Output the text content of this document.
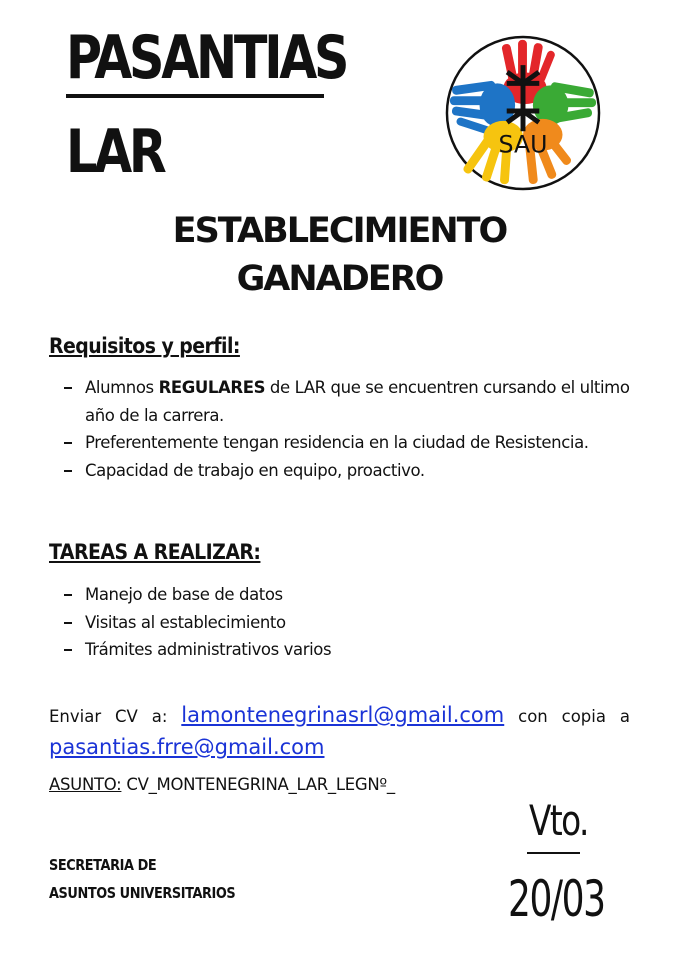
PASANTIAS
LAR	SAU
ESTABLECIMIENTO
GANADERO
Requisitos y perfil:
Alumnos REGULARES de LAR que se encuentren cursando el ultimo año de la carrera.
Preferentemente tengan residencia en la ciudad de Resistencia.
Capacidad de trabajo en equipo, proactivo.
TAREAS A REALIZAR:
Manejo de base de datos
Visitas al establecimiento
Trámites administrativos varios
Enviar CV a: lamontenegrinasrl@gmail.com con copia a
pasantias.frre@gmail.com
ASUNTO: CV_MONTENEGRINA_LAR_LEGNº_
Vto.
20/03
SECRETARIA DE
ASUNTOS UNIVERSITARIOS
